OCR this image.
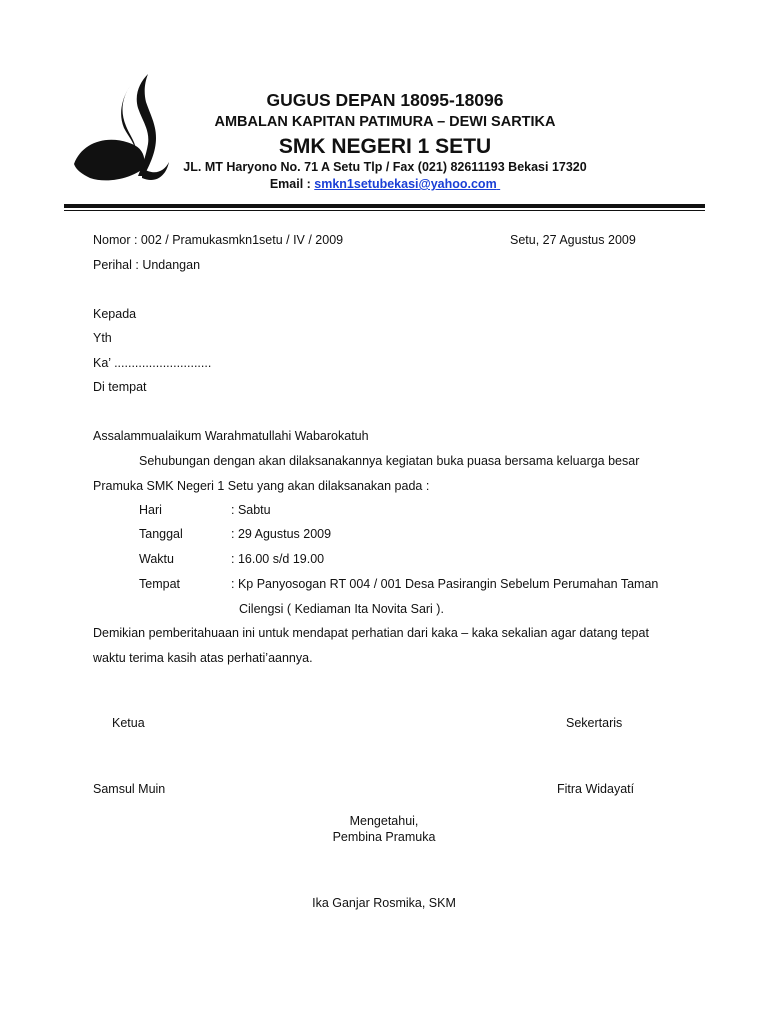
GUGUS DEPAN 18095-18096
AMBALAN KAPITAN PATIMURA – DEWI SARTIKA
SMK NEGERI 1 SETU
JL. MT Haryono No. 71 A Setu Tlp / Fax (021) 82611193 Bekasi 17320
Email : smkn1setubekasi@yahoo.com
Nomor : 002 / Pramukasmkn1setu / IV / 2009	Setu, 27 Agustus 2009
Perihal : Undangan
Kepada
Yth
Ka’ ............................
Di tempat
Assalammualaikum Warahmatullahi Wabarokatuh
Sehubungan dengan akan dilaksanakannya kegiatan buka puasa bersama keluarga besar
Pramuka SMK Negeri 1 Setu yang akan dilaksanakan pada :
Hari	: Sabtu
Tanggal	: 29 Agustus 2009
Waktu	: 16.00 s/d 19.00
Tempat	: Kp Panyosogan RT 004 / 001 Desa Pasirangin Sebelum Perumahan Taman
Cilengsi ( Kediaman Ita Novita Sari ).
Demikian pemberitahuaan ini untuk mendapat perhatian dari kaka – kaka sekalian agar datang tepat
waktu terima kasih atas perhati’aannya.
Ketua	Sekertaris
Samsul Muin	Fitra Widayatí
Mengetahui,
Pembina Pramuka
Ika Ganjar Rosmika, SKM
